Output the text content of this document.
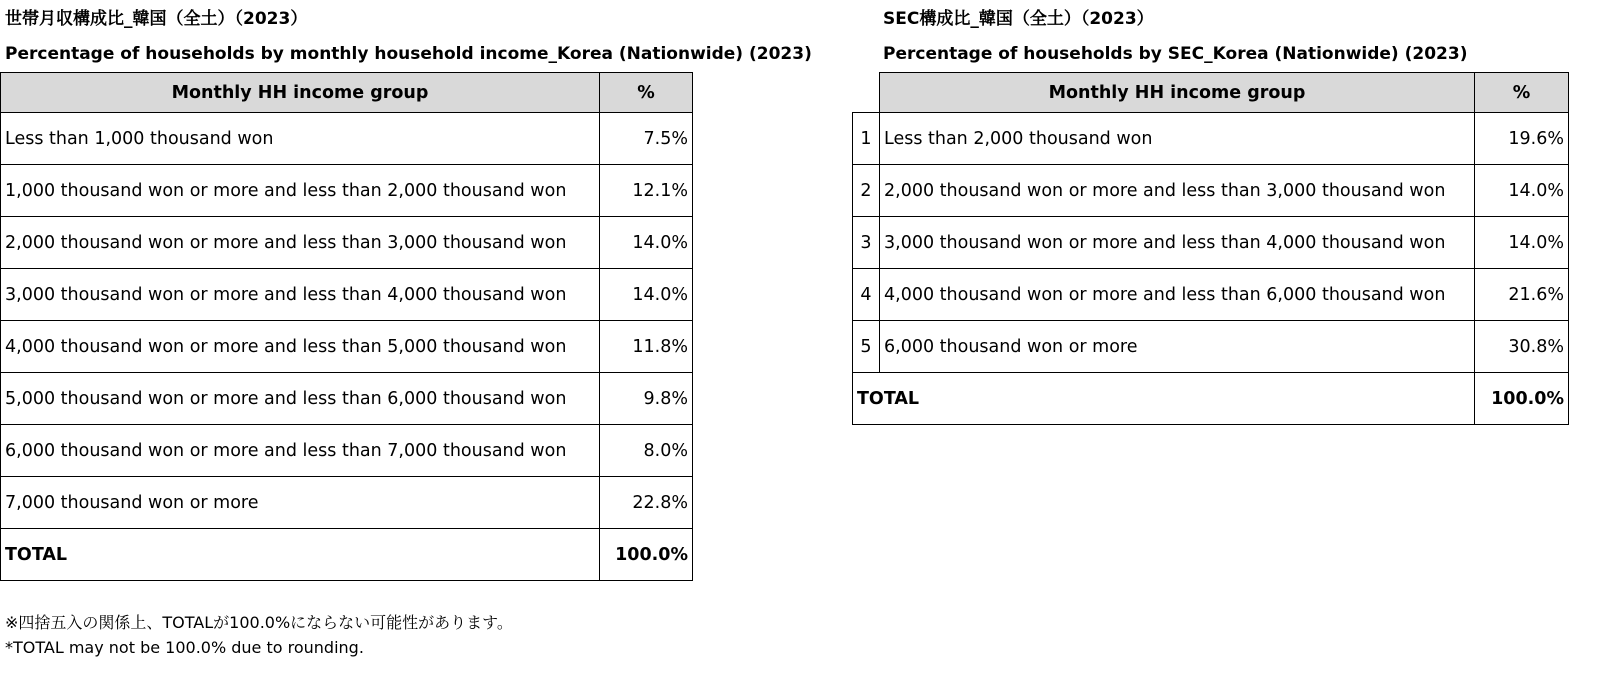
世帯月収構成比_韓国（全土）（2023）
Percentage of households by monthly household income_Korea (Nationwide) (2023)
Monthly HH income group	%
Less than 1,000 thousand won	7.5%
1,000 thousand won or more and less than 2,000 thousand won	12.1%
2,000 thousand won or more and less than 3,000 thousand won	14.0%
3,000 thousand won or more and less than 4,000 thousand won	14.0%
4,000 thousand won or more and less than 5,000 thousand won	11.8%
5,000 thousand won or more and less than 6,000 thousand won	9.8%
6,000 thousand won or more and less than 7,000 thousand won	8.0%
7,000 thousand won or more	22.8%
TOTAL	100.0%
SEC構成比_韓国（全土）（2023）
Percentage of households by SEC_Korea (Nationwide) (2023)
	Monthly HH income group	%
1	Less than 2,000 thousand won	19.6%
2	2,000 thousand won or more and less than 3,000 thousand won	14.0%
3	3,000 thousand won or more and less than 4,000 thousand won	14.0%
4	4,000 thousand won or more and less than 6,000 thousand won	21.6%
5	6,000 thousand won or more	30.8%
TOTAL		100.0%
※四捨五入の関係上、TOTALが100.0%にならない可能性があります。
*TOTAL may not be 100.0% due to rounding.
